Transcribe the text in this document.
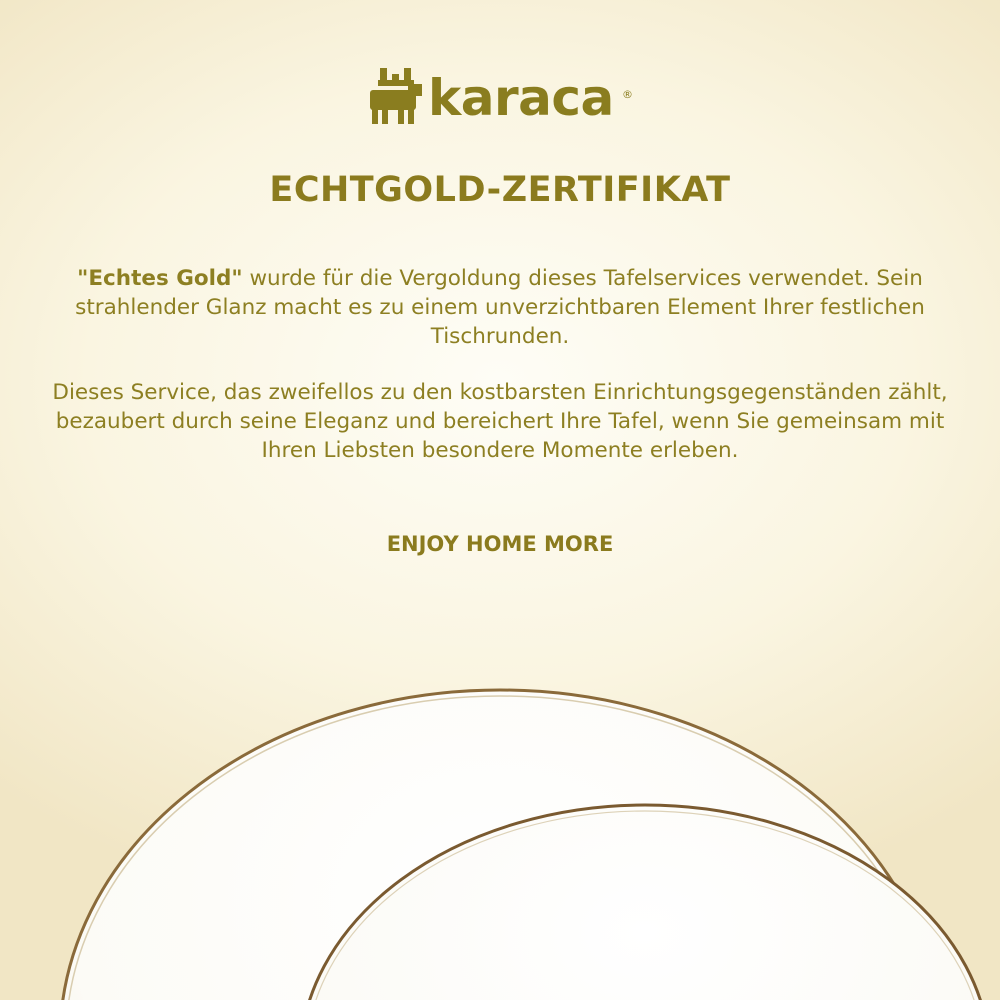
karaca ®
ECHTGOLD-ZERTIFIKAT
"Echtes Gold" wurde für die Vergoldung dieses Tafelservices verwendet. Sein strahlender Glanz macht es zu einem unverzichtbaren Element Ihrer festlichen Tischrunden.
Dieses Service, das zweifellos zu den kostbarsten Einrichtungsgegenständen zählt, bezaubert durch seine Eleganz und bereichert Ihre Tafel, wenn Sie gemeinsam mit Ihren Liebsten besondere Momente erleben.
ENJOY HOME MORE
